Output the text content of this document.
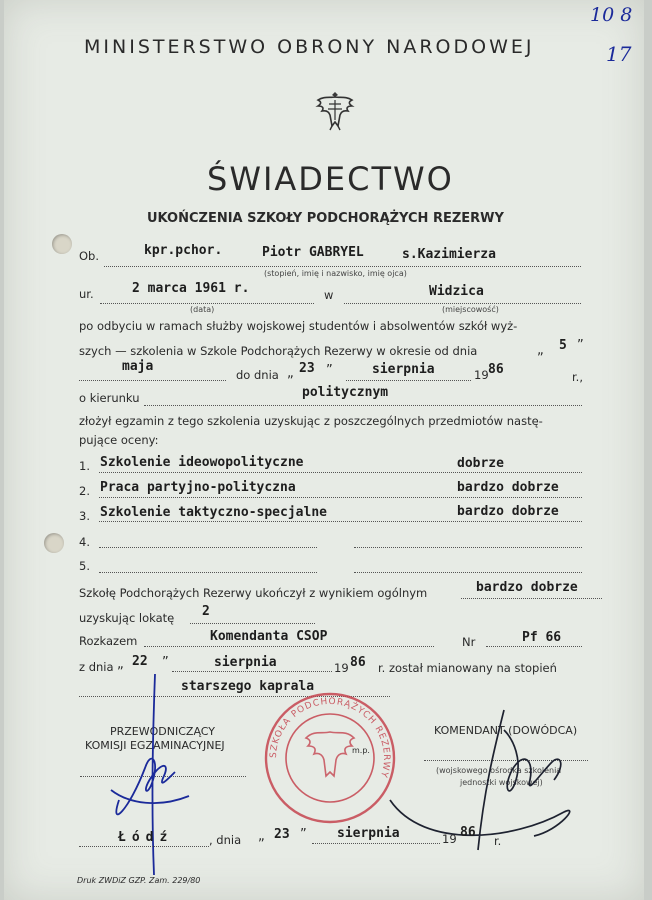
10 8
17
MINISTERSTWO OBRONY NARODOWEJ
ŚWIADECTWO
UKOŃCZENIA SZKOŁY PODCHORĄŻYCH REZERWY
Ob.	kpr.pchor.	Piotr GABRYEL	s.Kazimierza
(stopień, imię i nazwisko, imię ojca)
ur.	2 marca 1961 r.	w	Widzica
(data)	(miejscowość)
po odbyciu w ramach służby wojskowej studentów i absolwentów szkół wyż-
szych — szkolenia w Szkole Podchorążych Rezerwy w okresie od dnia	„ 5 ”
maja
do dnia „ 23 ”	sierpnia	19 86	r.,
o kierunku	politycznym
złożył egzamin z tego szkolenia uzyskując z poszczególnych przedmiotów nastę-
pujące oceny:
1. Szkolenie ideowopolityczne	dobrze
2. Praca partyjno-polityczna	bardzo dobrze
3. Szkolenie taktyczno-specjalne	bardzo dobrze
4.
5.
Szkołę Podchorążych Rezerwy ukończył z wynikiem ogólnym	bardzo dobrze
uzyskując lokatę 2
Rozkazem	Komendanta CSOP	Nr	Pf 66
z dnia „ 22 ”	sierpnia	19 86 r. został mianowany na stopień
starszego kaprala
PRZEWODNICZĄCY
KOMISJI EGZAMINACYJNEJ
SZKOŁA PODCHORĄŻYCH REZERWY
m.p.
KOMENDANT (DOWÓDCA)
(wojskowego ośrodka szkolenia
jednostki wojskowej)
Łódź	, dnia „ 23 ” sierpnia	19 86
r.
Druk ZWDiZ GZP. Zam. 229/80
